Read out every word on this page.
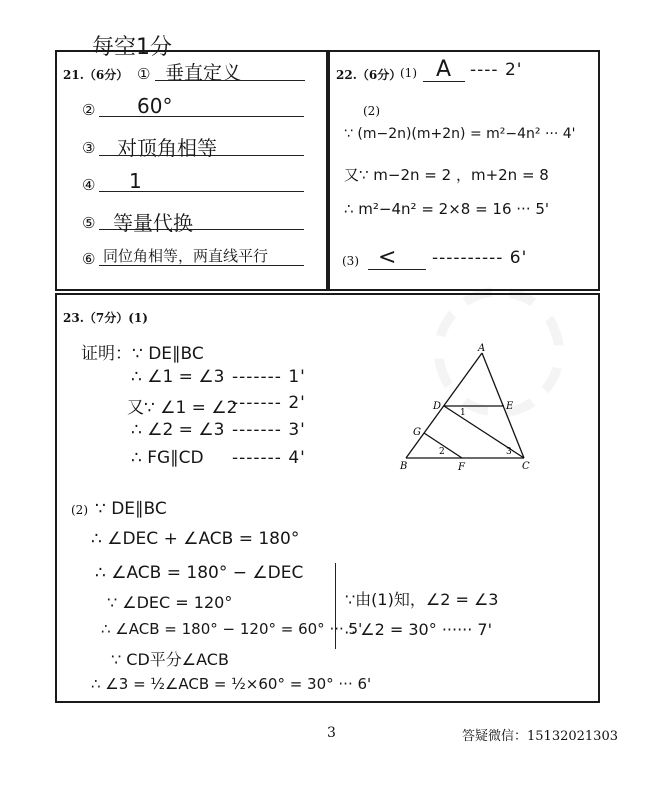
每空1分
21.（6分） ① 垂直定义
② 60°
③ 对顶角相等
④ 1
⑤ 等量代换
⑥ 同位角相等，两直线平行
22.（6分）
(1) A ---- 2'
(2)
∵ (m−2n)(m+2n) = m²−4n² ··· 4'
又∵ m−2n = 2 ，m+2n = 8
∴ m²−4n² = 2×8 = 16 ··· 5'
(3) < ---------- 6'
23.（7分）(1)
证明：∵ DE∥BC
∴ ∠1 = ∠3 ------- 1'
又∵ ∠1 = ∠2
------- 2'
∴ ∠2 = ∠3 ------- 3'
∴ FG∥CD ------- 4'
A
B	C
D	E
F
G
1
2	3
(2) ∵ DE∥BC
∴ ∠DEC + ∠ACB = 180°
∴ ∠ACB = 180° − ∠DEC
∵ ∠DEC = 120°
∴ ∠ACB = 180° − 120° = 60° ··· 5'
∵ CD平分∠ACB
∴ ∠3 = ½∠ACB = ½×60° = 30° ··· 6'
∵由(1)知，∠2 = ∠3
∴ ∠2 = 30° ······ 7'
3	答疑微信：15132021303
